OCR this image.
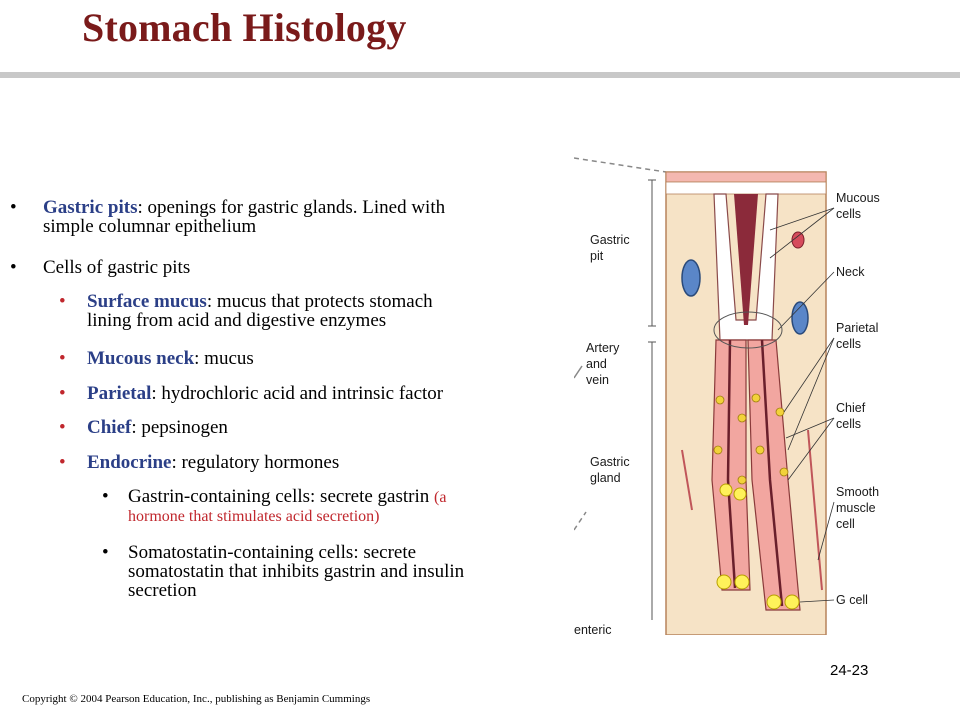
Stomach Histology
• Gastric pits: openings for gastric glands. Lined with
simple columnar epithelium
• Cells of gastric pits
• Surface mucus: mucus that protects stomach
lining from acid and digestive enzymes
• Mucous neck: mucus
• Parietal: hydrochloric acid and intrinsic factor
• Chief: pepsinogen
• Endocrine: regulatory hormones
• Gastrin-containing cells: secrete gastrin (a
hormone that stimulates acid secretion)
• Somatostatin-containing cells: secrete
somatostatin that inhibits gastrin and insulin
secretion
Gastric
pit
Artery
and
vein
Gastric
gland
enteric
Mucous
cells
Neck
Parietal
cells
Chief
cells
Smooth
muscle
cell
G cell
24-23
Copyright © 2004 Pearson Education, Inc., publishing as Benjamin Cummings
